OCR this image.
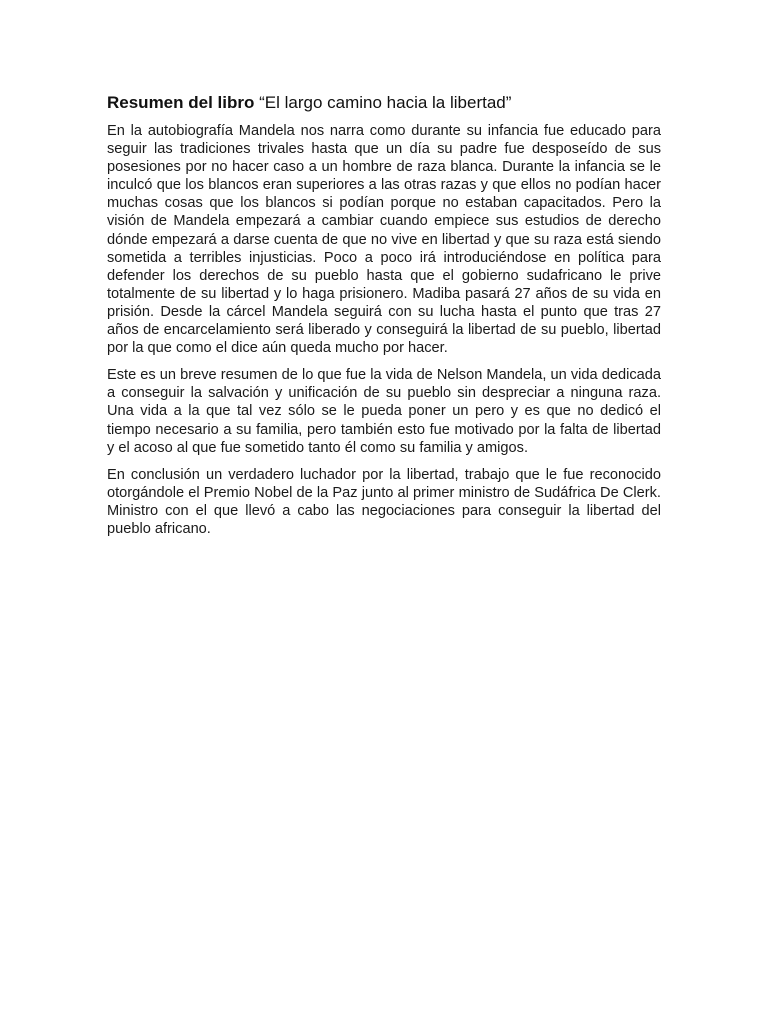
Resumen del libro “El largo camino hacia la libertad”

En la autobiografía Mandela nos narra como durante su infancia fue educado para seguir las tradiciones trivales hasta que un día su padre fue desposeído de sus posesiones por no hacer caso a un hombre de raza blanca. Durante la infancia se le inculcó que los blancos eran superiores a las otras razas y que ellos no podían hacer muchas cosas que los blancos si podían porque no estaban capacitados. Pero la visión de Mandela empezará a cambiar cuando empiece sus estudios de derecho dónde empezará a darse cuenta de que no vive en libertad y que su raza está siendo sometida a terribles injusticias. Poco a poco irá introduciéndose en política para defender los derechos de su pueblo hasta que el gobierno sudafricano le prive totalmente de su libertad y lo haga prisionero. Madiba pasará 27 años de su vida en prisión. Desde la cárcel Mandela seguirá con su lucha hasta el punto que tras 27 años de encarcelamiento será liberado y conseguirá la libertad de su pueblo, libertad por la que como el dice aún queda mucho por hacer.

Este es un breve resumen de lo que fue la vida de Nelson Mandela, un vida dedicada a conseguir la salvación y unificación de su pueblo sin despreciar a ninguna raza. Una vida a la que tal vez sólo se le pueda poner un pero y es que no dedicó el tiempo necesario a su familia, pero también esto fue motivado por la falta de libertad y el acoso al que fue sometido tanto él como su familia y amigos.

En conclusión un verdadero luchador por la libertad, trabajo que le fue reconocido otorgándole el Premio Nobel de la Paz junto al primer ministro de Sudáfrica De Clerk. Ministro con el que llevó a cabo las negociaciones para conseguir la libertad del pueblo africano.
